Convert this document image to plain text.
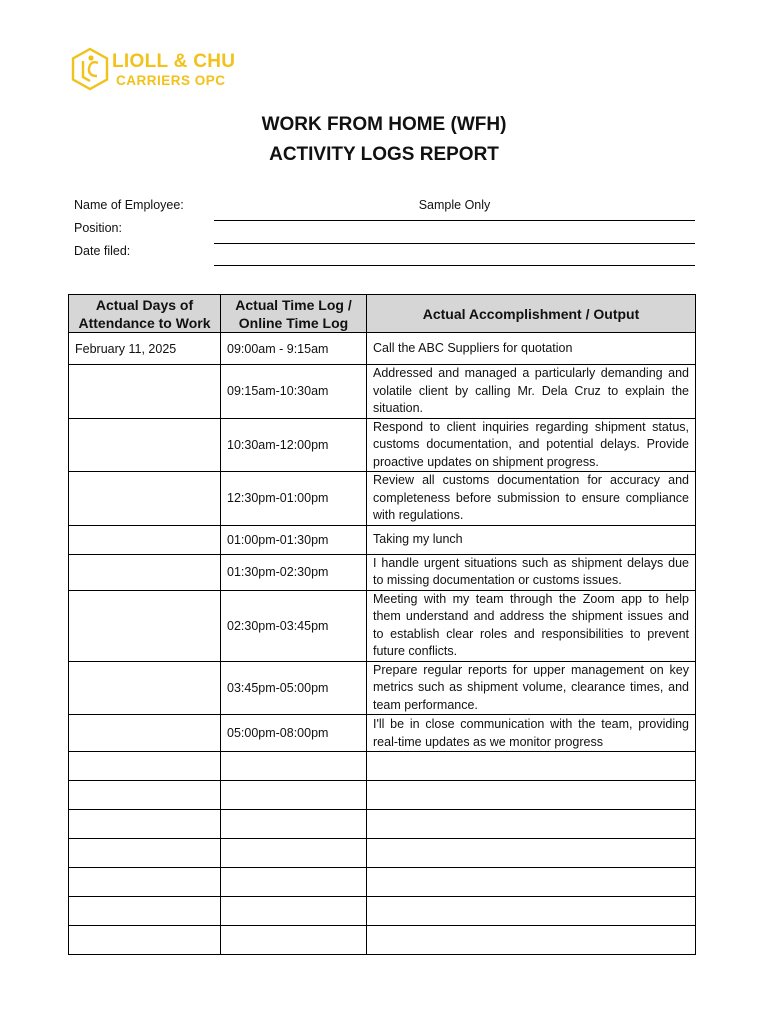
LIOLL & CHU
CARRIERS OPC
WORK FROM HOME (WFH)
ACTIVITY LOGS REPORT
Name of Employee:	Sample Only
Position:
Date filed:
Actual Days of Attendance to Work	Actual Time Log / Online Time Log	Actual Accomplishment / Output
February 11, 2025	09:00am - 9:15am	Call the ABC Suppliers for quotation
	09:15am-10:30am	Addressed and managed a particularly demanding and volatile client by calling Mr. Dela Cruz to explain the situation.
	10:30am-12:00pm	Respond to client inquiries regarding shipment status, customs documentation, and potential delays. Provide proactive updates on shipment progress.
	12:30pm-01:00pm	Review all customs documentation for accuracy and completeness before submission to ensure compliance with regulations.
	01:00pm-01:30pm	Taking my lunch
	01:30pm-02:30pm	I handle urgent situations such as shipment delays due to missing documentation or customs issues.
	02:30pm-03:45pm	Meeting with my team through the Zoom app to help them understand and address the shipment issues and to establish clear roles and responsibilities to prevent future conflicts.
	03:45pm-05:00pm	Prepare regular reports for upper management on key metrics such as shipment volume, clearance times, and team performance.
	05:00pm-08:00pm	I'll be in close communication with the team, providing real-time updates as we monitor progress
